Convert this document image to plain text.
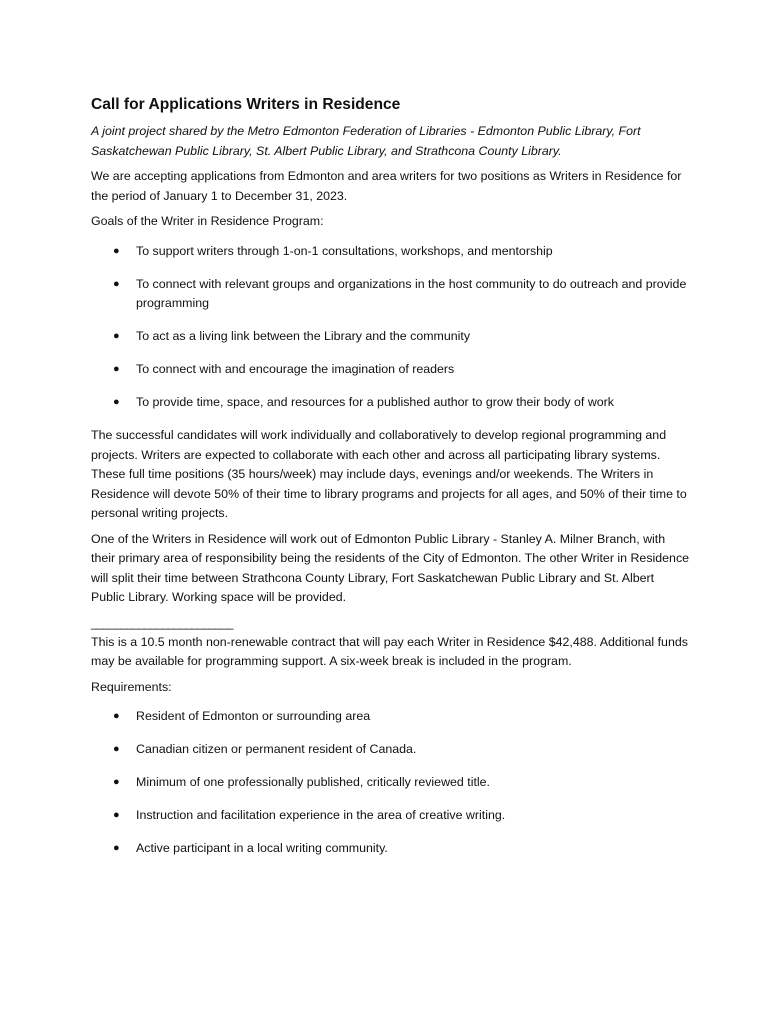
Call for Applications Writers in Residence

A joint project shared by the Metro Edmonton Federation of Libraries - Edmonton Public Library, Fort Saskatchewan Public Library, St. Albert Public Library, and Strathcona County Library.

We are accepting applications from Edmonton and area writers for two positions as Writers in Residence for the period of January 1 to December 31, 2023.

Goals of the Writer in Residence Program:

● To support writers through 1-on-1 consultations, workshops, and mentorship
● To connect with relevant groups and organizations in the host community to do outreach and provide programming
● To act as a living link between the Library and the community
● To connect with and encourage the imagination of readers
● To provide time, space, and resources for a published author to grow their body of work

The successful candidates will work individually and collaboratively to develop regional programming and projects. Writers are expected to collaborate with each other and across all participating library systems. These full time positions (35 hours/week) may include days, evenings and/or weekends. The Writers in Residence will devote 50% of their time to library programs and projects for all ages, and 50% of their time to personal writing projects.

One of the Writers in Residence will work out of Edmonton Public Library - Stanley A. Milner Branch, with their primary area of responsibility being the residents of the City of Edmonton. The other Writer in Residence will split their time between Strathcona County Library, Fort Saskatchewan Public Library and St. Albert Public Library. Working space will be provided.

________________________

This is a 10.5 month non-renewable contract that will pay each Writer in Residence $42,488. Additional funds may be available for programming support. A six-week break is included in the program.

Requirements:

● Resident of Edmonton or surrounding area
● Canadian citizen or permanent resident of Canada.
● Minimum of one professionally published, critically reviewed title.
● Instruction and facilitation experience in the area of creative writing.
● Active participant in a local writing community.
